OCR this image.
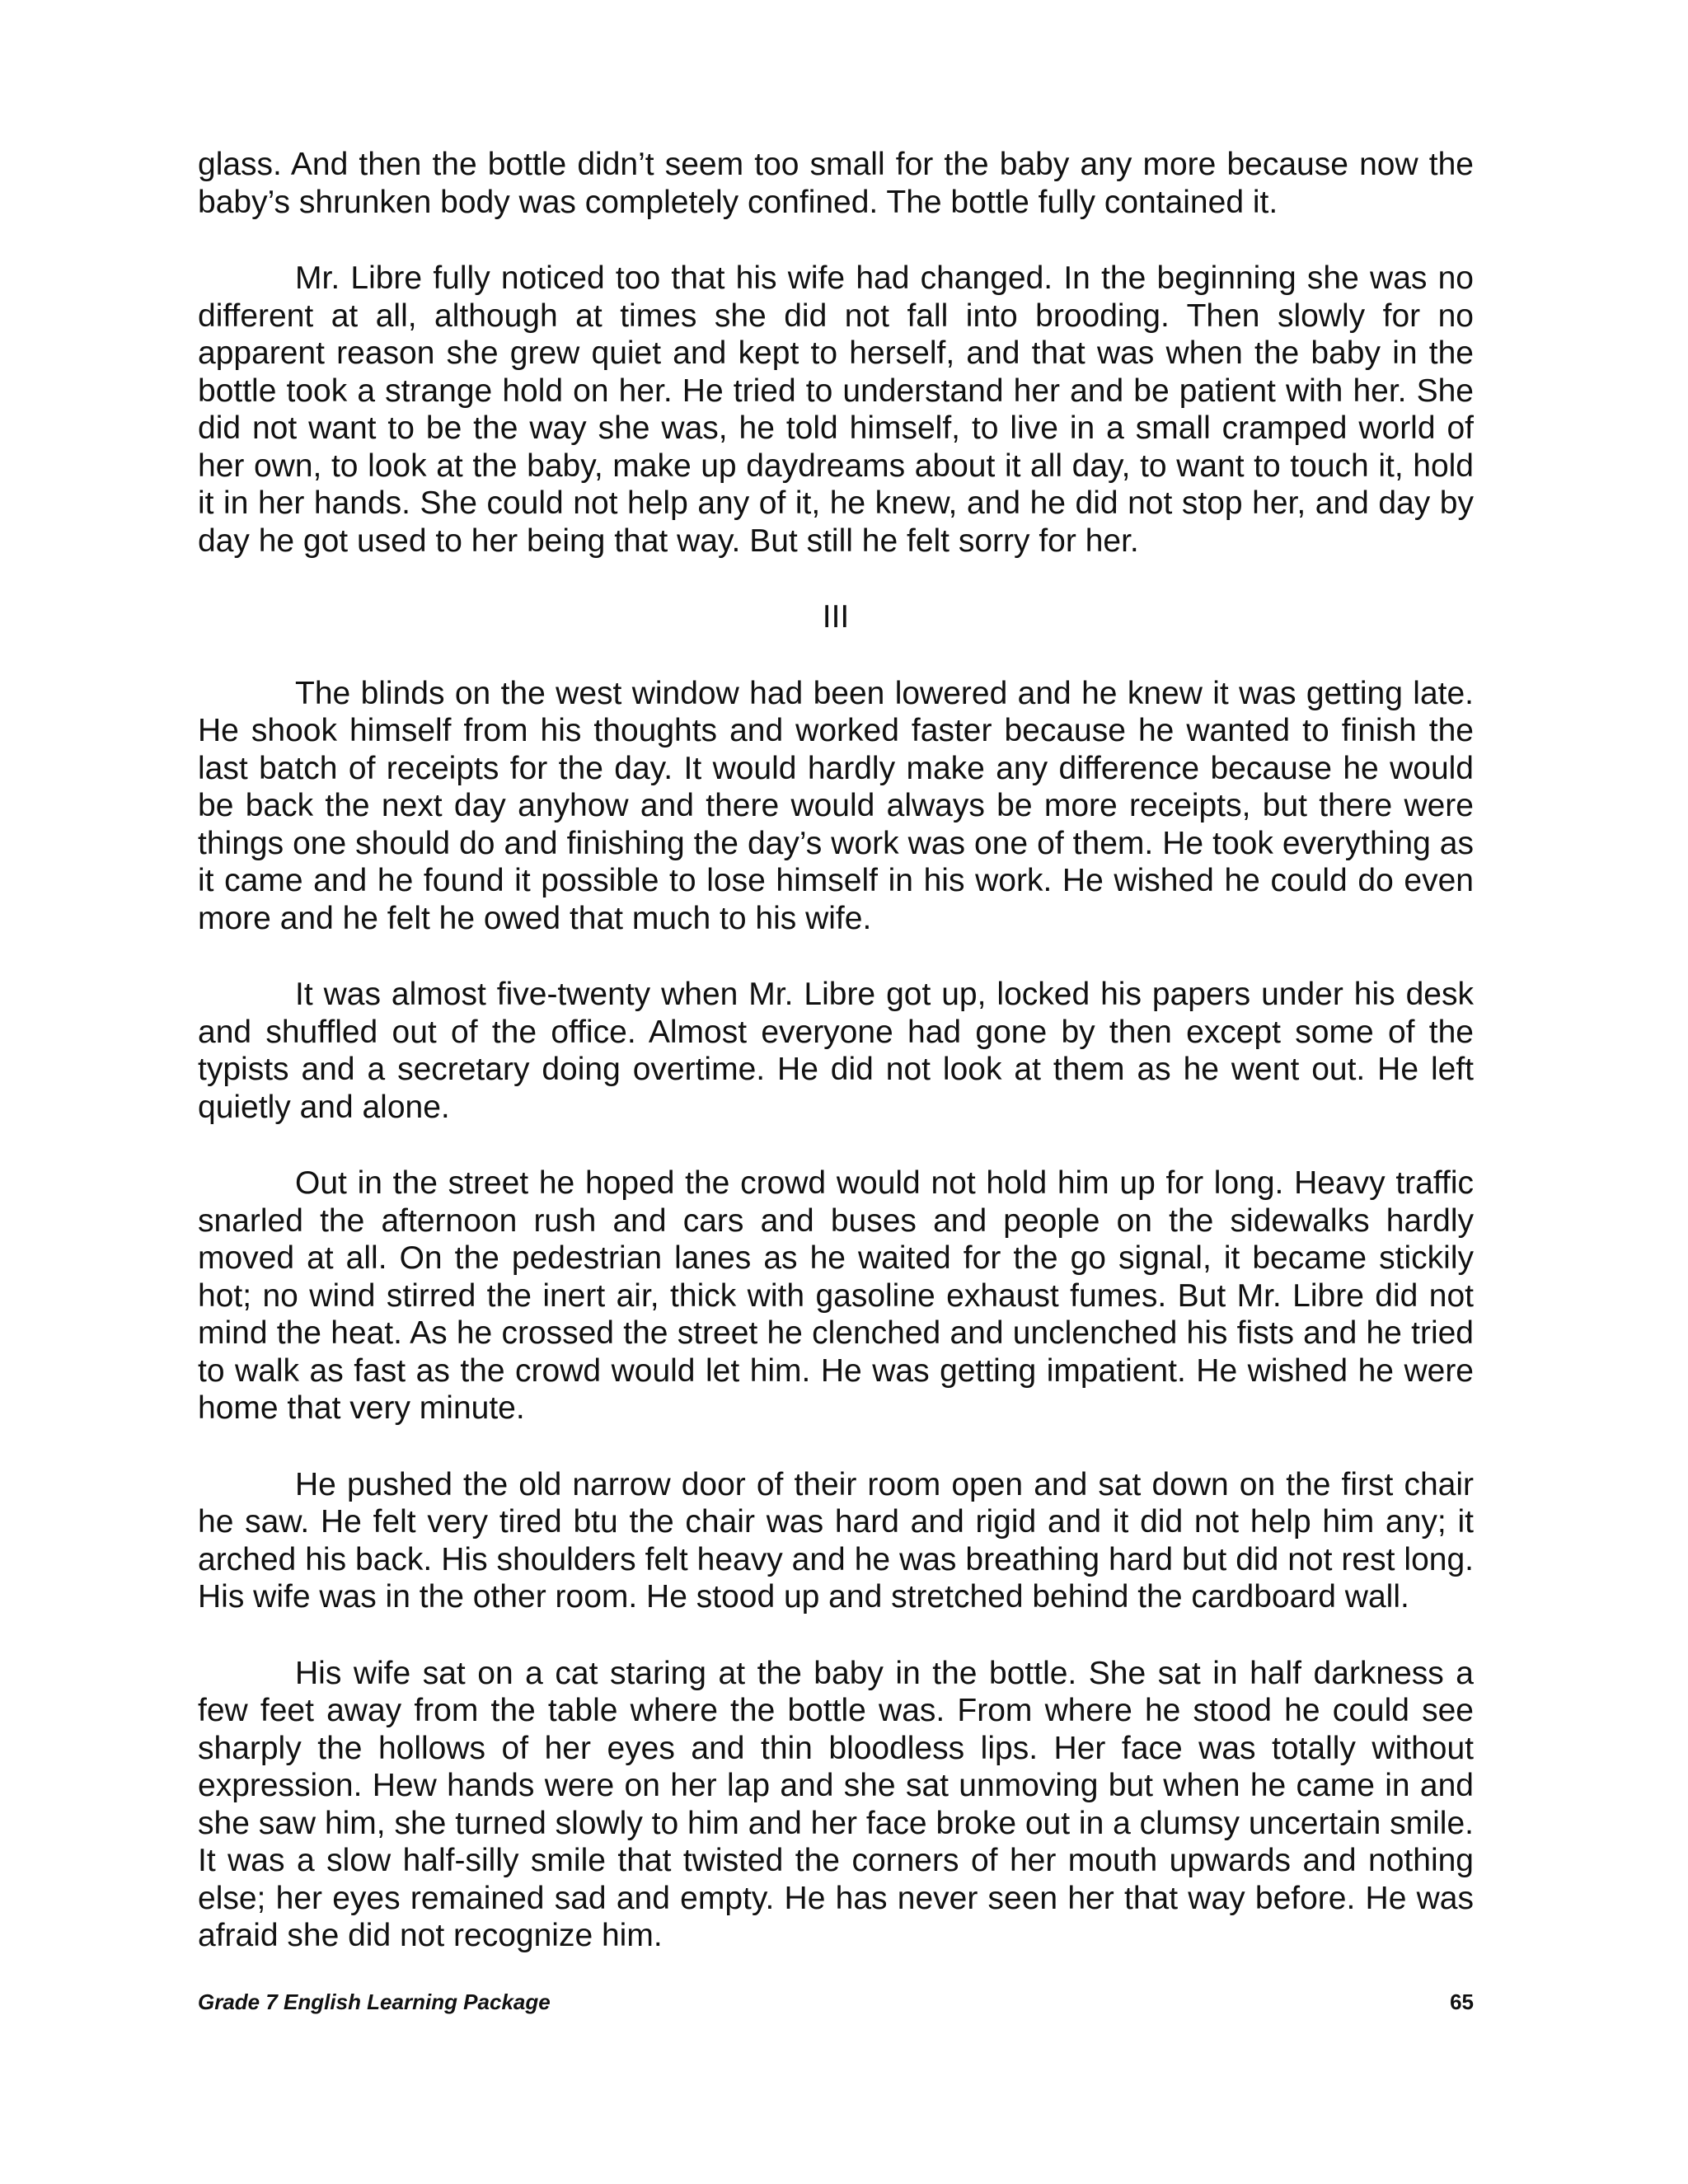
glass. And then the bottle didn’t seem too small for the baby any more because now the baby’s shrunken body was completely confined. The bottle fully contained it.

Mr. Libre fully noticed too that his wife had changed. In the beginning she was no different at all, although at times she did not fall into brooding. Then slowly for no apparent reason she grew quiet and kept to herself, and that was when the baby in the bottle took a strange hold on her. He tried to understand her and be patient with her. She did not want to be the way she was, he told himself, to live in a small cramped world of her own, to look at the baby, make up daydreams about it all day, to want to touch it, hold it in her hands. She could not help any of it, he knew, and he did not stop her, and day by day he got used to her being that way. But still he felt sorry for her.

III

The blinds on the west window had been lowered and he knew it was getting late. He shook himself from his thoughts and worked faster because he wanted to finish the last batch of receipts for the day. It would hardly make any difference because he would be back the next day anyhow and there would always be more receipts, but there were things one should do and finishing the day’s work was one of them. He took everything as it came and he found it possible to lose himself in his work. He wished he could do even more and he felt he owed that much to his wife.

It was almost five-twenty when Mr. Libre got up, locked his papers under his desk and shuffled out of the office. Almost everyone had gone by then except some of the typists and a secretary doing overtime. He did not look at them as he went out. He left quietly and alone.

Out in the street he hoped the crowd would not hold him up for long. Heavy traffic snarled the afternoon rush and cars and buses and people on the sidewalks hardly moved at all. On the pedestrian lanes as he waited for the go signal, it became stickily hot; no wind stirred the inert air, thick with gasoline exhaust fumes. But Mr. Libre did not mind the heat. As he crossed the street he clenched and unclenched his fists and he tried to walk as fast as the crowd would let him. He was getting impatient. He wished he were home that very minute.

He pushed the old narrow door of their room open and sat down on the first chair he saw. He felt very tired btu the chair was hard and rigid and it did not help him any; it arched his back. His shoulders felt heavy and he was breathing hard but did not rest long. His wife was in the other room. He stood up and stretched behind the cardboard wall.

His wife sat on a cat staring at the baby in the bottle. She sat in half darkness a few feet away from the table where the bottle was. From where he stood he could see sharply the hollows of her eyes and thin bloodless lips. Her face was totally without expression. Hew hands were on her lap and she sat unmoving but when he came in and she saw him, she turned slowly to him and her face broke out in a clumsy uncertain smile. It was a slow half-silly smile that twisted the corners of her mouth upwards and nothing else; her eyes remained sad and empty. He has never seen her that way before. He was afraid she did not recognize him.

Grade 7 English Learning Package	65
